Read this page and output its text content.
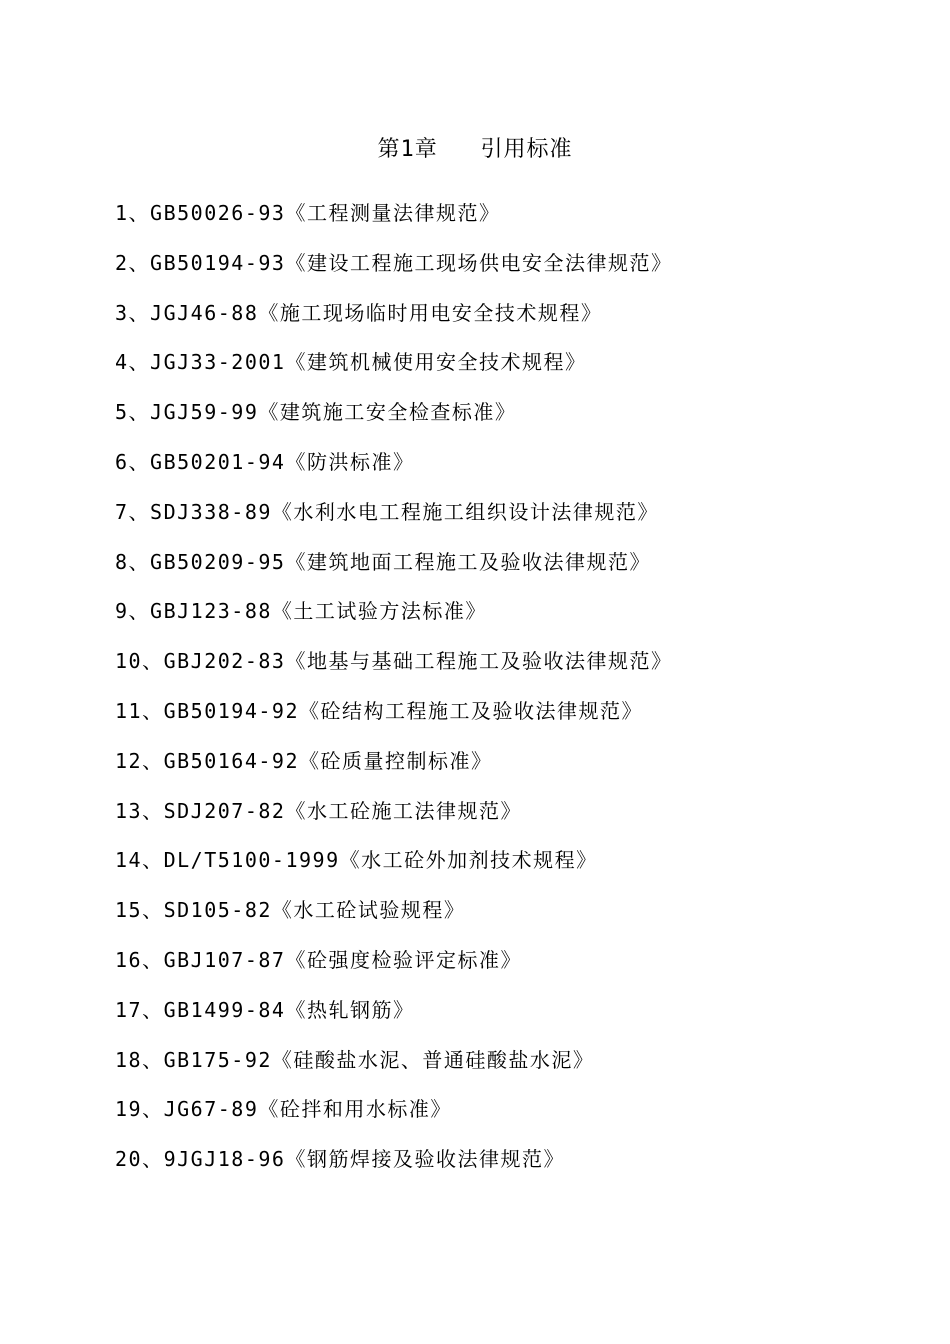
第1章   引用标准
1、GB50026-93《工程测量法律规范》
2、GB50194-93《建设工程施工现场供电安全法律规范》
3、JGJ46-88《施工现场临时用电安全技术规程》
4、JGJ33-2001《建筑机械使用安全技术规程》
5、JGJ59-99《建筑施工安全检查标准》
6、GB50201-94《防洪标准》
7、SDJ338-89《水利水电工程施工组织设计法律规范》
8、GB50209-95《建筑地面工程施工及验收法律规范》
9、GBJ123-88《土工试验方法标准》
10、GBJ202-83《地基与基础工程施工及验收法律规范》
11、GB50194-92《砼结构工程施工及验收法律规范》
12、GB50164-92《砼质量控制标准》
13、SDJ207-82《水工砼施工法律规范》
14、DL/T5100-1999《水工砼外加剂技术规程》
15、SD105-82《水工砼试验规程》
16、GBJ107-87《砼强度检验评定标准》
17、GB1499-84《热轧钢筋》
18、GB175-92《硅酸盐水泥、普通硅酸盐水泥》
19、JG67-89《砼拌和用水标准》
20、9JGJ18-96《钢筋焊接及验收法律规范》
